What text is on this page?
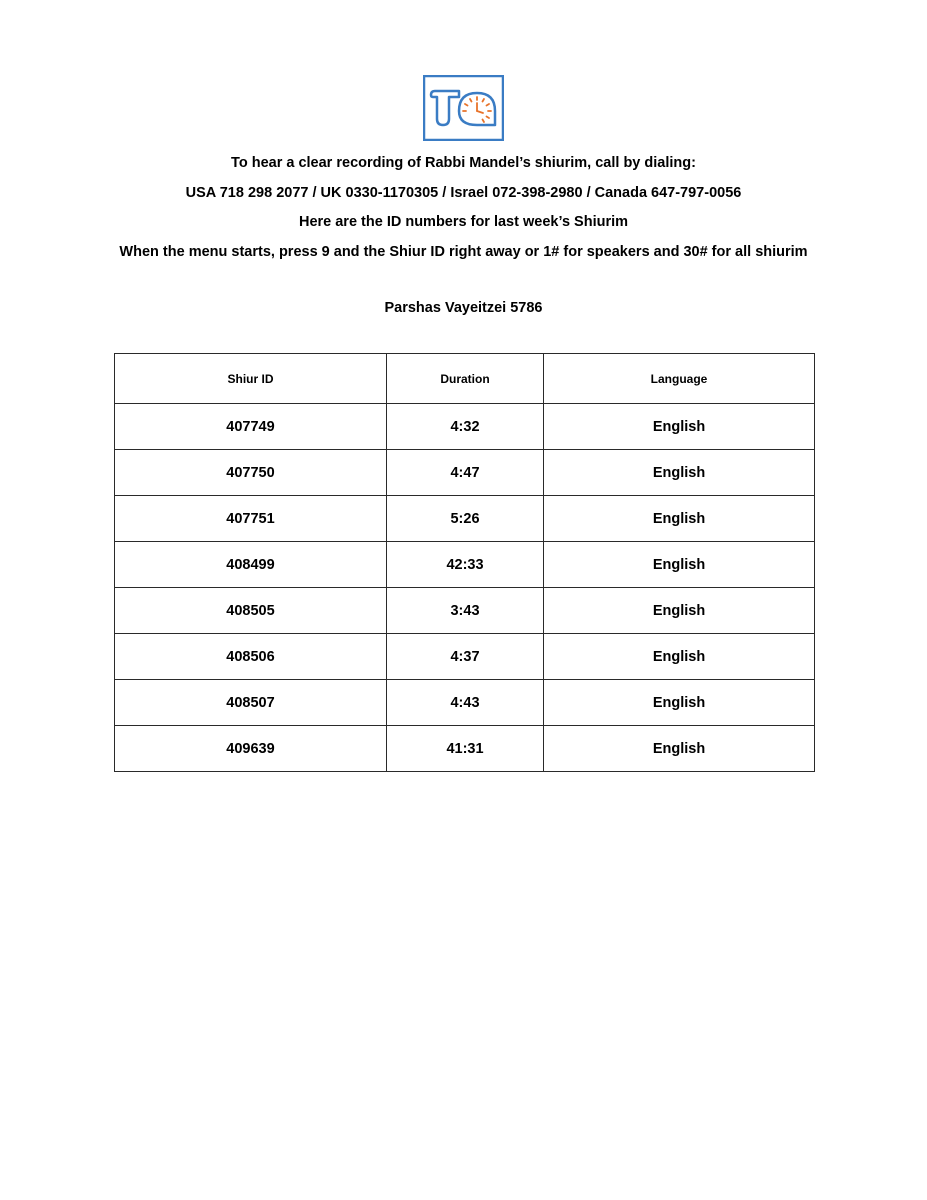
To hear a clear recording of Rabbi Mandel’s shiurim, call by dialing:
USA 718 298 2077 / UK 0330-1170305 / Israel 072-398-2980 / Canada 647-797-0056
Here are the ID numbers for last week’s Shiurim
When the menu starts, press 9 and the Shiur ID right away or 1# for speakers and 30# for all shiurim
Parshas Vayeitzei 5786
Shiur ID	Duration	Language
407749	4:32	English
407750	4:47	English
407751	5:26	English
408499	42:33	English
408505	3:43	English
408506	4:37	English
408507	4:43	English
409639	41:31	English
